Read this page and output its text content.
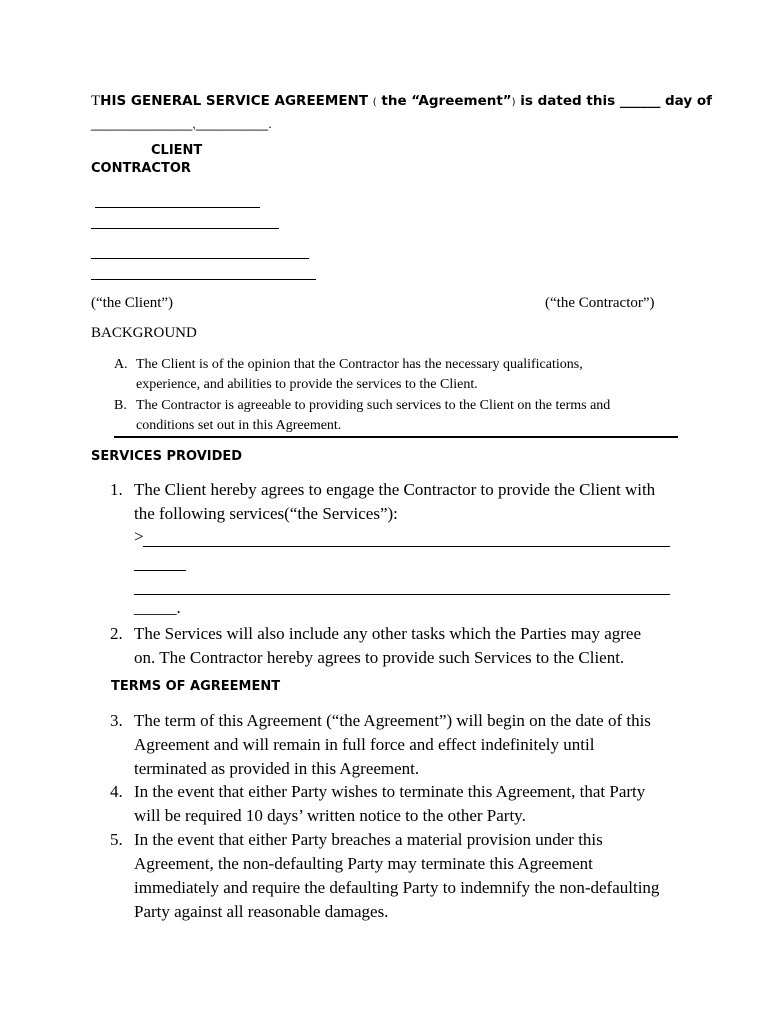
THIS GENERAL SERVICE AGREEMENT ( the “Agreement”) is dated this ______ day of
______________,__________.
CLIENT
CONTRACTOR
(“the Client”)	(“the Contractor”)
BACKGROUND
A. The Client is of the opinion that the Contractor has the necessary qualifications,
experience, and abilities to provide the services to the Client.
B. The Contractor is agreeable to providing such services to the Client on the terms and
conditions set out in this Agreement.
SERVICES PROVIDED
1. The Client hereby agrees to engage the Contractor to provide the Client with
the following services(“the Services”):
>
_____.
2. The Services will also include any other tasks which the Parties may agree
on. The Contractor hereby agrees to provide such Services to the Client.
TERMS OF AGREEMENT
3. The term of this Agreement (“the Agreement”) will begin on the date of this
Agreement and will remain in full force and effect indefinitely until
terminated as provided in this Agreement.
4. In the event that either Party wishes to terminate this Agreement, that Party
will be required 10 days’ written notice to the other Party.
5. In the event that either Party breaches a material provision under this
Agreement, the non-defaulting Party may terminate this Agreement
immediately and require the defaulting Party to indemnify the non-defaulting
Party against all reasonable damages.
